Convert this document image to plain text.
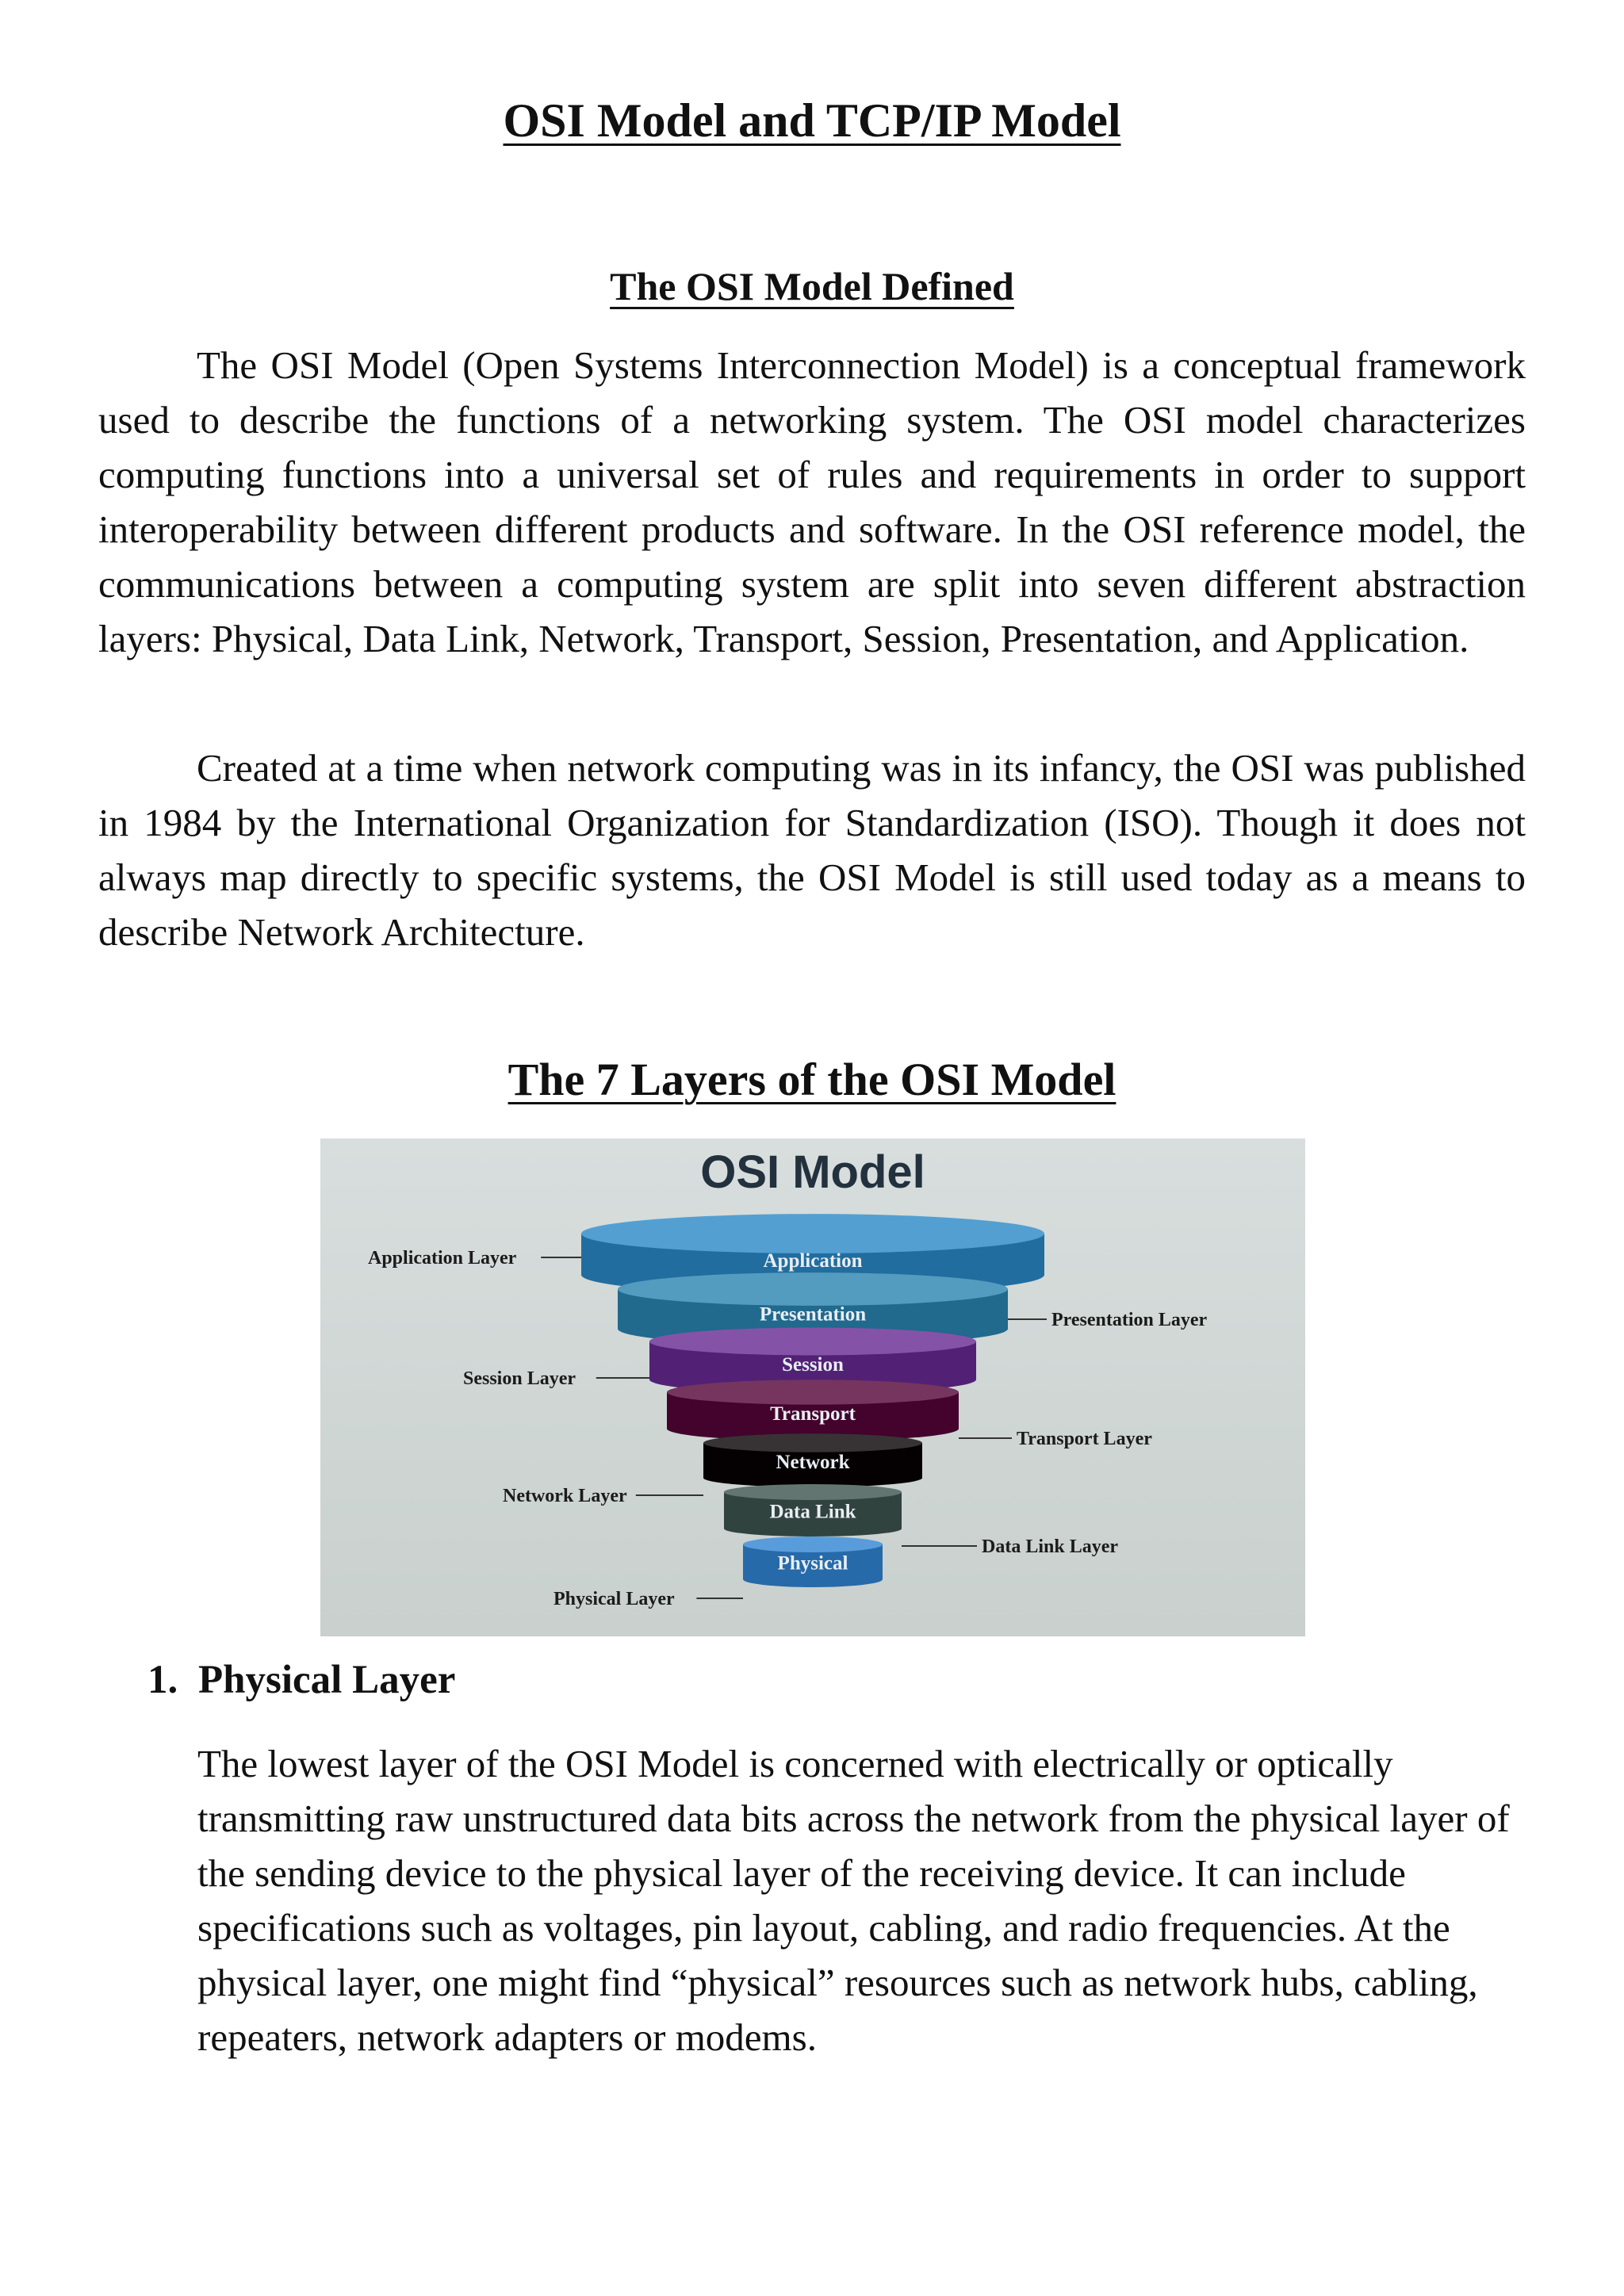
OSI Model and TCP/IP Model
The OSI Model Defined

The OSI Model (Open Systems Interconnection Model) is a conceptual framework used to describe the functions of a networking system. The OSI model characterizes computing functions into a universal set of rules and requirements in order to support interoperability between different products and software. In the OSI reference model, the communications between a computing system are split into seven different abstraction layers: Physical, Data Link, Network, Transport, Session, Presentation, and Application.

Created at a time when network computing was in its infancy, the OSI was published in 1984 by the International Organization for Standardization (ISO). Though it does not always map directly to specific systems, the OSI Model is still used today as a means to describe Network Architecture.

The 7 Layers of the OSI Model
OSI Model
Application
Application Layer
Presentation	Presentation Layer
Session
Session Layer
Transport
Transport Layer
Network
Network Layer
Data Link
Data Link Layer
Physical
Physical Layer
1. Physical Layer

The lowest layer of the OSI Model is concerned with electrically or optically transmitting raw unstructured data bits across the network from the physical layer of the sending device to the physical layer of the receiving device. It can include specifications such as voltages, pin layout, cabling, and radio frequencies. At the physical layer, one might find “physical” resources such as network hubs, cabling, repeaters, network adapters or modems.
